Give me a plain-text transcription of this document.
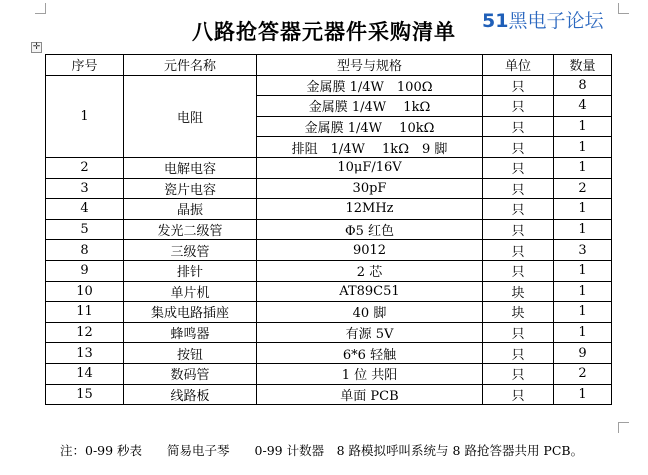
51黑电子论坛
八路抢答器元器件采购清单
✛
序号	元件名称	型号与规格	单位	数量
1	电阻	金属膜 1/4W　100Ω	只	8
		金属膜 1/4W　 1kΩ	只	4
		金属膜 1/4W　 10kΩ	只	1
		排阻　1/4W　 1kΩ　9 脚	只	1
2	电解电容	10μF/16V	只	1
3	瓷片电容	30pF	只	2
4	晶振	12MHz	只	1
5	发光二级管	Φ5 红色	只	1
8	三级管	9012	只	3
9	排针	2 芯	只	1
10	单片机	AT89C51	块	1
11	集成电路插座	40 脚	块	1
12	蜂鸣器	有源 5V	只	1
13	按钮	6*6 轻触	只	9
14	数码管	1 位 共阳	只	2
15	线路板	单面 PCB	只	1
注：0-99 秒表　　简易电子琴　　0-99 计数器　8 路模拟呼叫系统与 8 路抢答器共用 PCB。
